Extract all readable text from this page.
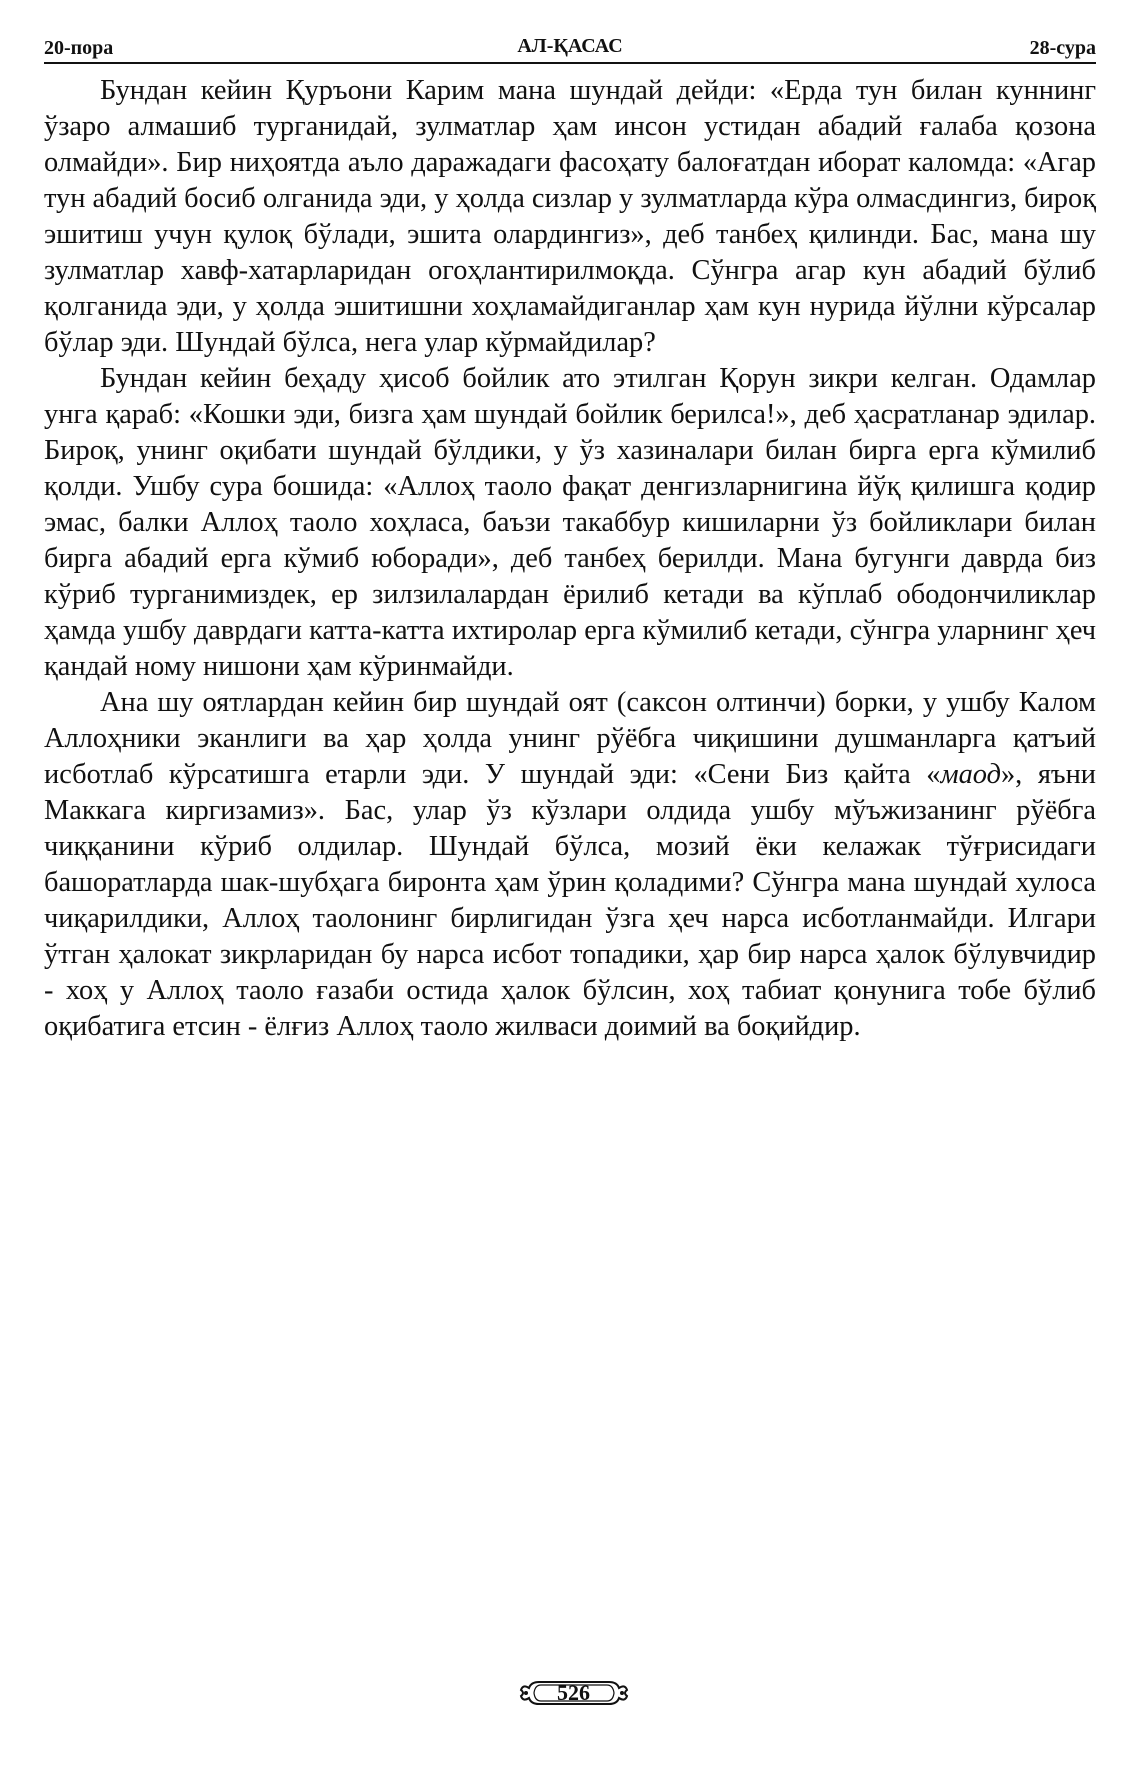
20-пора	АЛ-ҚАСАС	28-сура

Бундан кейин Қуръони Карим мана шундай дейди: «Ерда тун билан куннинг ўзаро алмашиб турганидай, зулматлар ҳам инсон устидан абадий ғалаба қозона олмайди». Бир ниҳоятда аъло даражадаги фасоҳату балоғатдан иборат каломда: «Агар тун абадий босиб олганида эди, у ҳолда сизлар у зулматларда кўра олмасдингиз, бироқ эшитиш учун қулоқ бўлади, эшита олардингиз», деб танбеҳ қилинди. Бас, мана шу зулматлар хавф-хатарларидан огоҳлантирилмоқда. Сўнгра агар кун абадий бўлиб қолганида эди, у ҳолда эшитишни хоҳламайдиганлар ҳам кун нурида йўлни кўрсалар бўлар эди. Шундай бўлса, нега улар кўрмайдилар?

Бундан кейин беҳаду ҳисоб бойлик ато этилган Қорун зикри келган. Одамлар унга қараб: «Кошки эди, бизга ҳам шундай бойлик берилса!», деб ҳасратланар эдилар. Бироқ, унинг оқибати шундай бўлдики, у ўз хазиналари билан бирга ерга кўмилиб қолди. Ушбу сура бошида: «Аллоҳ таоло фақат денгизларнигина йўқ қилишга қодир эмас, балки Аллоҳ таоло хоҳласа, баъзи такаббур кишиларни ўз бойликлари билан бирга абадий ерга кўмиб юборади», деб танбеҳ берилди. Мана бугунги даврда биз кўриб турганимиздек, ер зилзилалардан ёрилиб кетади ва кўплаб ободончиликлар ҳамда ушбу даврдаги катта-катта ихтиролар ерга кўмилиб кетади, сўнгра уларнинг ҳеч қандай ному нишони ҳам кўринмайди.

Ана шу оятлардан кейин бир шундай оят (саксон олтинчи) борки, у ушбу Калом Аллоҳники эканлиги ва ҳар ҳолда унинг рўёбга чиқишини душманларга қатъий исботлаб кўрсатишга етарли эди. У шундай эди: «Сени Биз қайта «маод», яъни Маккага киргизамиз». Бас, улар ўз кўзлари олдида ушбу мўъжизанинг рўёбга чиққанини кўриб олдилар. Шундай бўлса, мозий ёки келажак тўғрисидаги башоратларда шак-шубҳага биронта ҳам ўрин қоладими? Сўнгра мана шундай хулоса чиқарилдики, Аллоҳ таолонинг бирлигидан ўзга ҳеч нарса исботланмайди. Илгари ўтган ҳалокат зикрларидан бу нарса исбот топадики, ҳар бир нарса ҳалок бўлувчидир - хоҳ у Аллоҳ таоло ғазаби остида ҳалок бўлсин, хоҳ табиат қонунига тобе бўлиб оқибатига етсин - ёлғиз Аллоҳ таоло жилваси доимий ва боқийдир.

526
